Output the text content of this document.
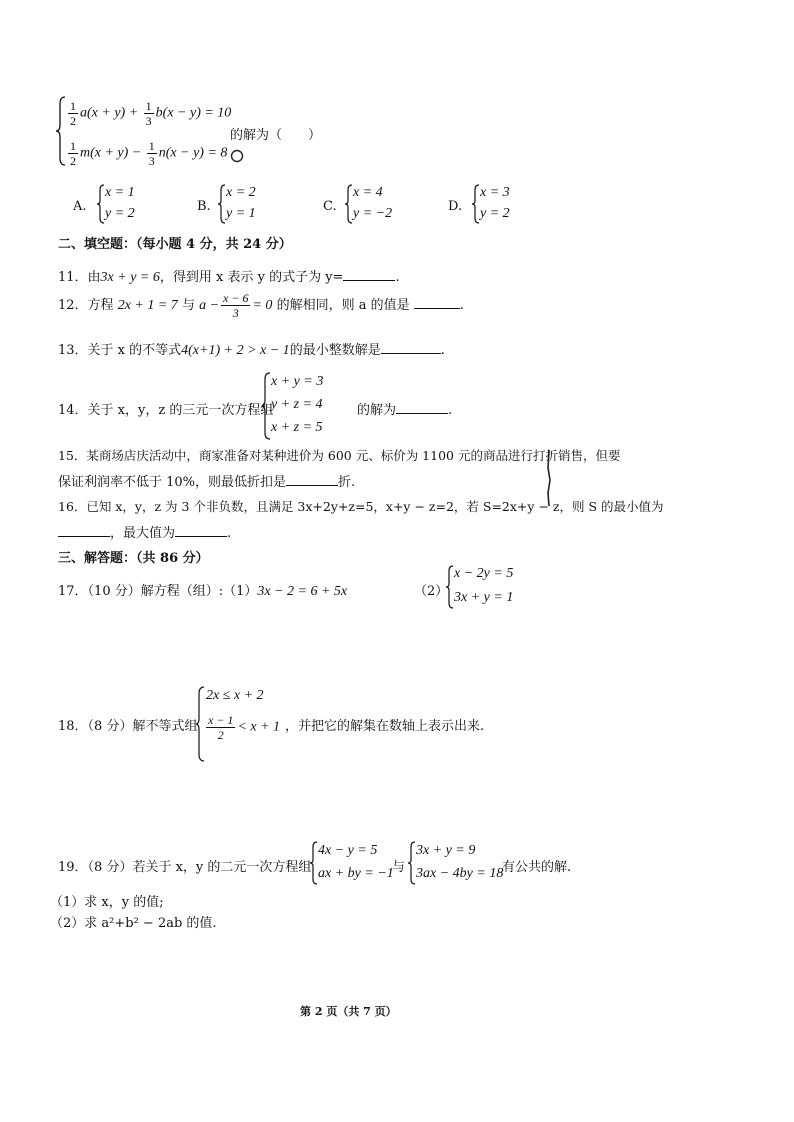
$\frac{1}{2} a(x + y) + \frac{1}{3} b(x - y) = 10$
$\frac{1}{2} m(x + y) - \frac{1}{3} n(x - y) = 8$
的解为（　　）
A.
x = 1
y = 2	B.
x = 2
y = 1	C.
x = 4
y = −2	D.
x = 3
y = 2
二、填空题：（每小题 4 分，共 24 分）
11．由3x + y = 6，得到用 x 表示 y 的式子为 y=	.
12．方程 2x + 1 = 7 与 $a - \frac{x - 6}{3} = 0$ 的解相同，则 a 的值是	.
13．关于 x 的不等式4(x+1) + 2 > x − 1的最小整数解是	.
14．关于 x，y，z 的三元一次方程组
x + y = 3
y + z = 4
x + z = 5
的解为	.
15．某商场店庆活动中，商家准备对某种进价为 600 元、标价为 1100 元的商品进行打折销售，但要
保证利润率不低于 10%，则最低折扣是	折.
16．已知 x，y，z 为 3 个非负数，且满足 3x+2y+z=5，x+y − z=2，若 S=2x+y − z，则 S 的最小值为
，最大值为	.
三、解答题：（共 86 分）
17．（10 分）解方程（组）:（1）3x − 2 = 6 + 5x	（2）
x − 2y = 5
3x + y = 1
18．（8 分）解不等式组
2x ≤ x + 2
$\frac{x - 1}{2} < x + 1$ ，并把它的解集在数轴上表示出来.
19．（8 分）若关于 x，y 的二元一次方程组
4x − y = 5
ax + by = −1
与
3x + y = 9
3ax − 4by = 18
有公共的解.
（1）求 x，y 的值;
（2）求 a²+b² − 2ab 的值.
第 2 页（共 7 页）
